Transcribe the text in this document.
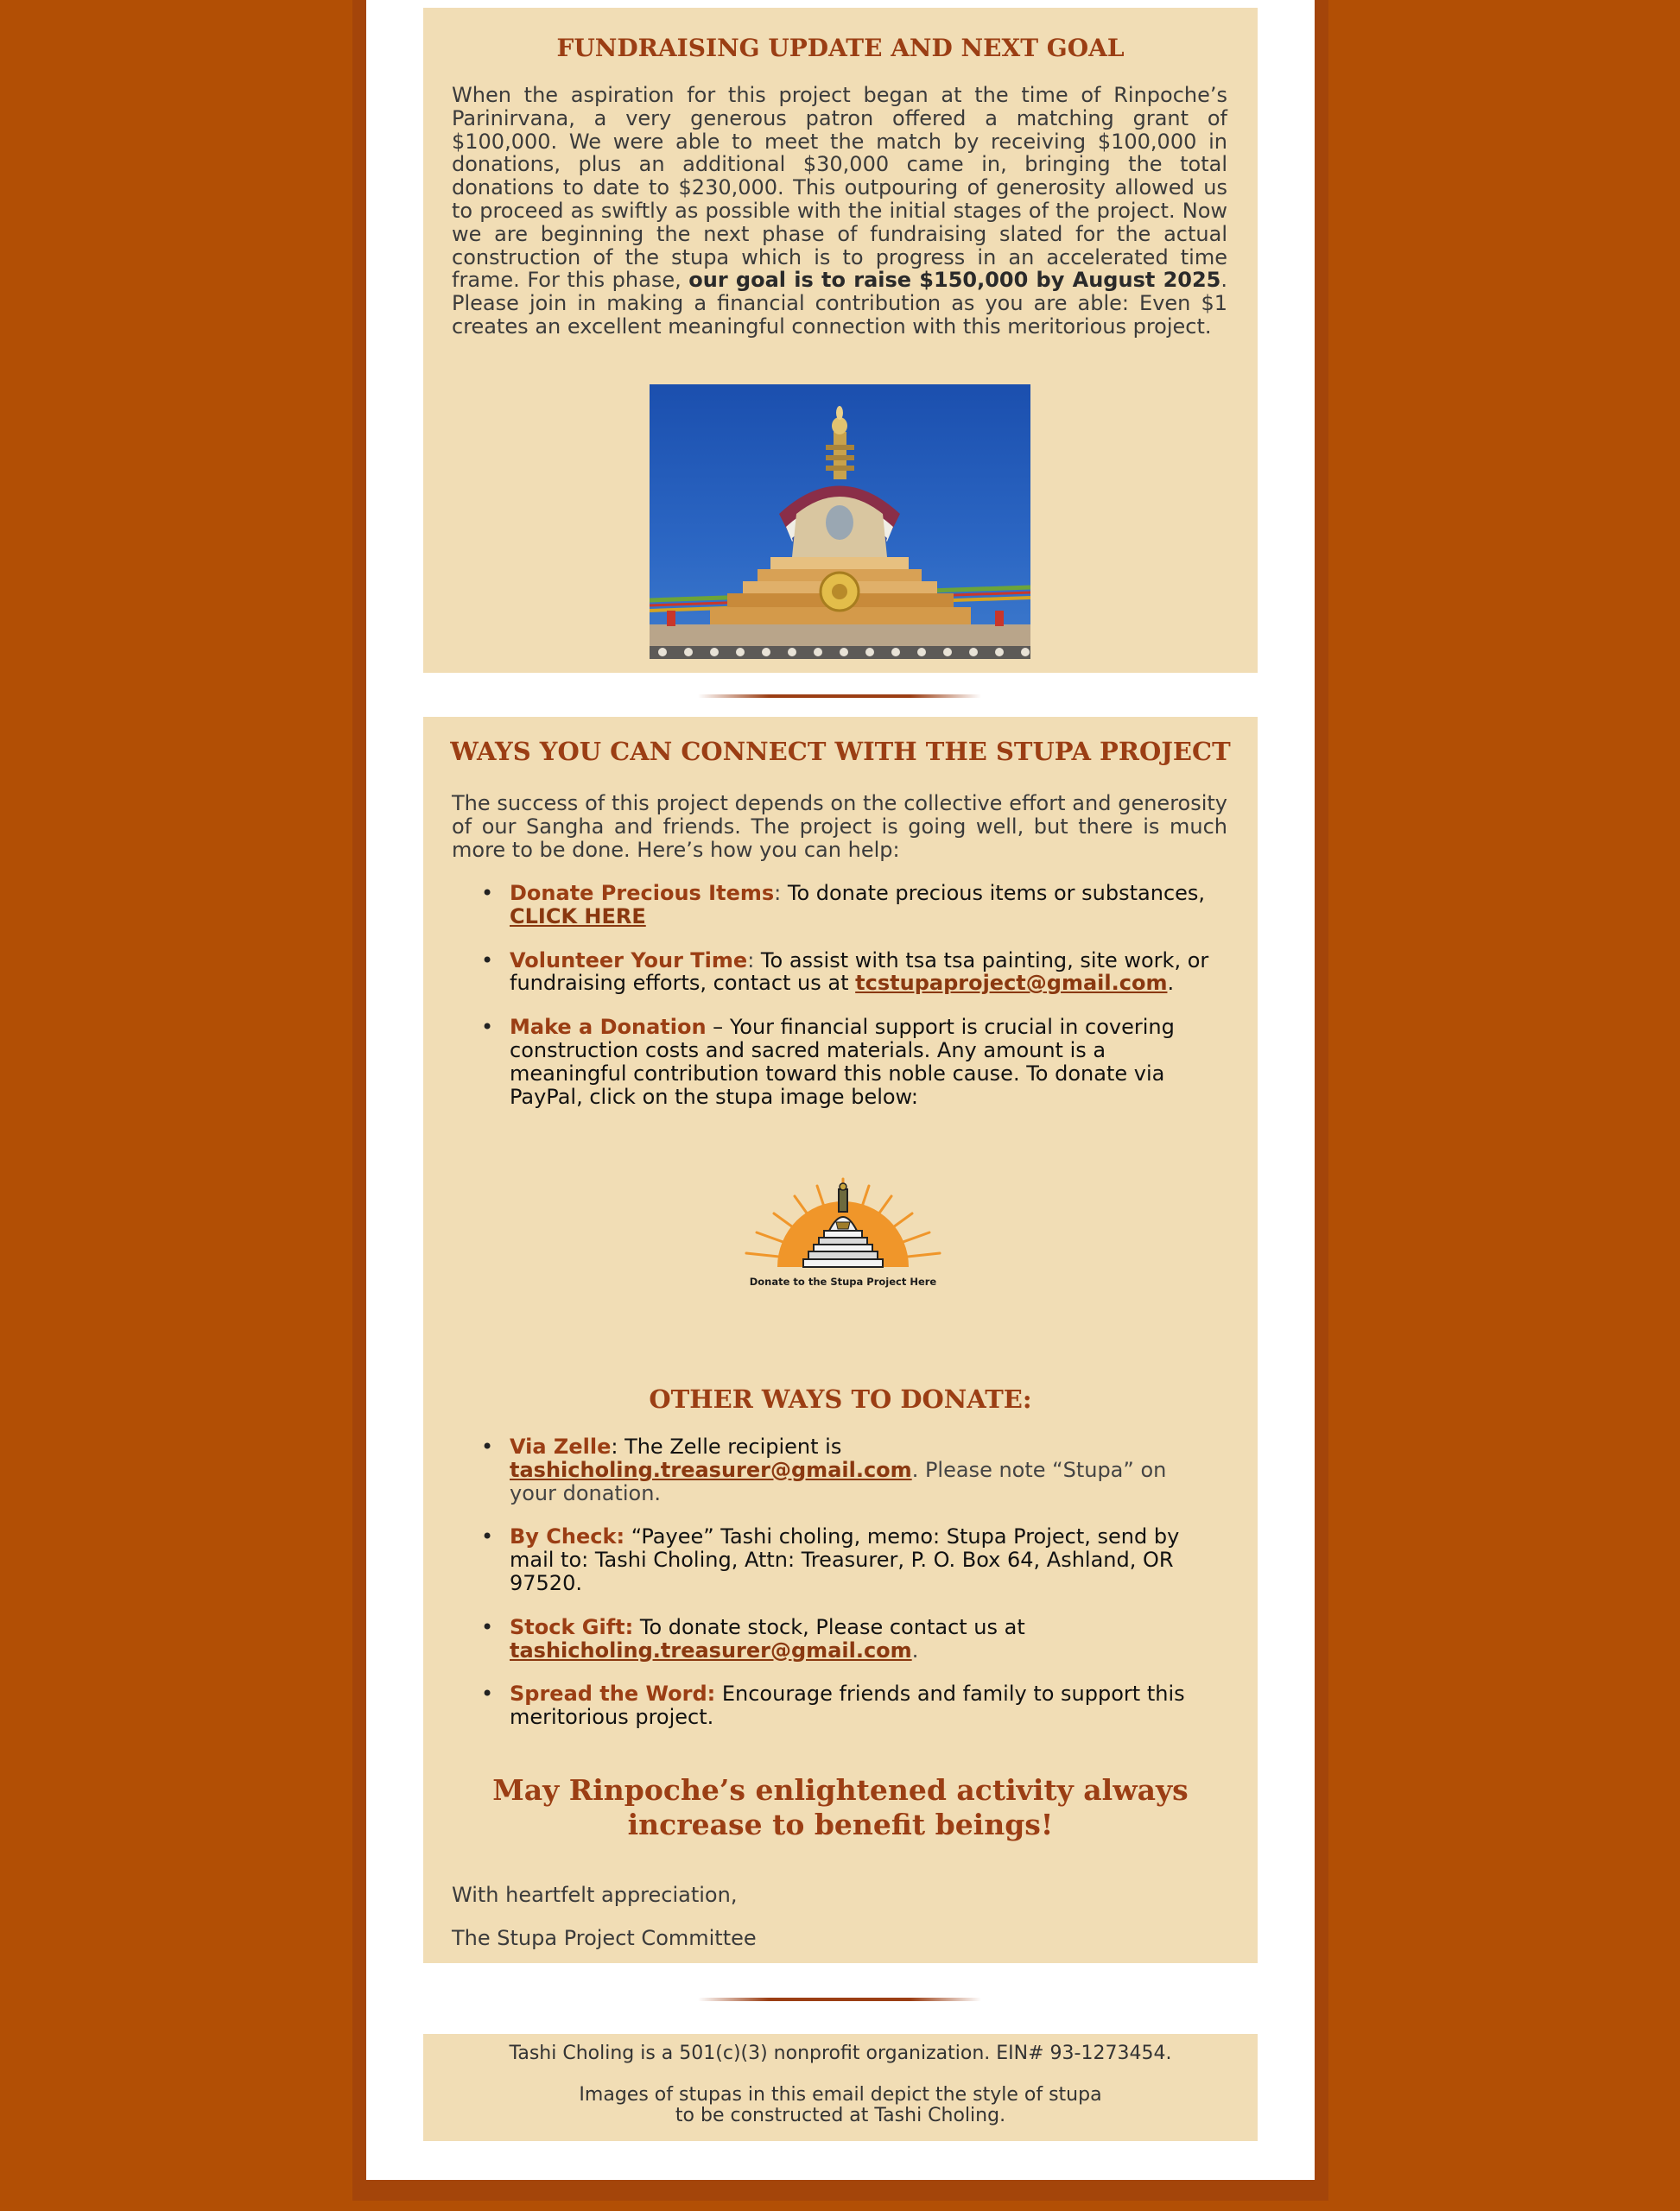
FUNDRAISING UPDATE AND NEXT GOAL

When the aspiration for this project began at the time of Rinpoche’s Parinirvana, a very generous patron offered a matching grant of $100,000. We were able to meet the match by receiving $100,000 in donations, plus an additional $30,000 came in, bringing the total donations to date to $230,000. This outpouring of generosity allowed us to proceed as swiftly as possible with the initial stages of the project. Now we are beginning the next phase of fundraising slated for the actual construction of the stupa which is to progress in an accelerated time frame. For this phase, our goal is to raise $150,000 by August 2025. Please join in making a financial contribution as you are able: Even $1 creates an excellent meaningful connection with this meritorious project.

WAYS YOU CAN CONNECT WITH THE STUPA PROJECT

The success of this project depends on the collective effort and generosity of our Sangha and friends. The project is going well, but there is much more to be done. Here’s how you can help:

• Donate Precious Items: To donate precious items or substances, CLICK HERE
• Volunteer Your Time: To assist with tsa tsa painting, site work, or fundraising efforts, contact us at tcstupaproject@gmail.com.
• Make a Donation – Your financial support is crucial in covering construction costs and sacred materials. Any amount is a meaningful contribution toward this noble cause. To donate via PayPal, click on the stupa image below:
Donate to the Stupa Project Here
OTHER WAYS TO DONATE:
• Via Zelle: The Zelle recipient is tashicholing.treasurer@gmail.com. Please note “Stupa” on your donation.
• By Check: “Payee” Tashi choling, memo: Stupa Project, send by mail to: Tashi Choling, Attn: Treasurer, P. O. Box 64, Ashland, OR 97520.
• Stock Gift: To donate stock, Please contact us at tashicholing.treasurer@gmail.com.
• Spread the Word: Encourage friends and family to support this meritorious project.
May Rinpoche’s enlightened activity always increase to benefit beings!

With heartfelt appreciation,

The Stupa Project Committee

Tashi Choling is a 501(c)(3) nonprofit organization. EIN# 93-1273454.

Images of stupas in this email depict the style of stupa

to be constructed at Tashi Choling.
